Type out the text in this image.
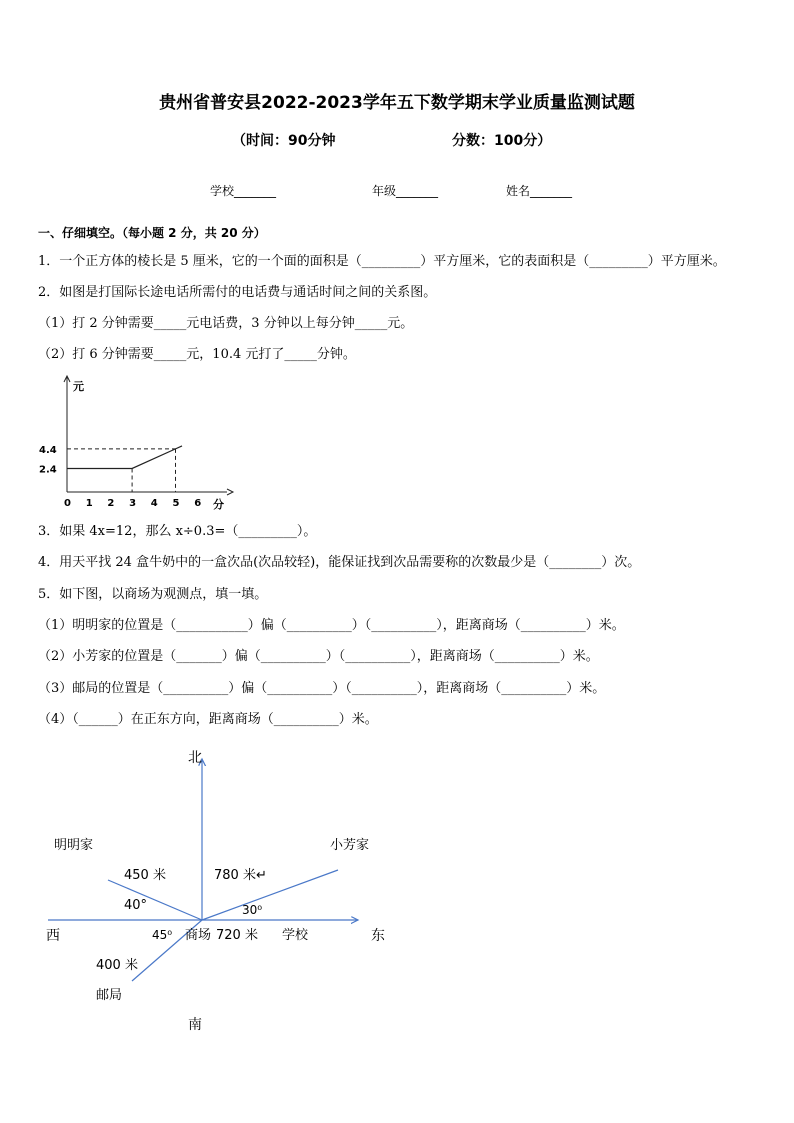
贵州省普安县2022-2023学年五下数学期末学业质量监测试题
（时间：90分钟	分数：100分）
学校_______	年级_______	姓名_______
一、仔细填空。（每小题 2 分，共 20 分）
1．一个正方体的棱长是 5 厘米，它的一个面的面积是（_________）平方厘米，它的表面积是（_________）平方厘米。
2．如图是打国际长途电话所需付的电话费与通话时间之间的关系图。
（1）打 2 分钟需要_____元电话费，3 分钟以上每分钟_____元。
（2）打 6 分钟需要_____元，10.4 元打了_____分钟。
元
分
0 1 2 3 4 5 6
2.4
4.4
3．如果 4x=12，那么 x÷0.3=（_________）。
4．用天平找 24 盒牛奶中的一盒次品(次品较轻)，能保证找到次品需要称的次数最少是（________）次。
5．如下图，以商场为观测点，填一填。
（1）明明家的位置是（___________）偏（__________）（__________），距离商场（__________）米。
（2）小芳家的位置是（_______）偏（__________）（__________），距离商场（__________）米。
（3）邮局的位置是（__________）偏（__________）（__________），距离商场（__________）米。
（4）（______）在正东方向，距离商场（__________）米。
北
南
东
西	商场
明明家	小芳家
邮局
学校
450 米	780 米↵
720 米
400 米
40°	30⁰
45⁰
